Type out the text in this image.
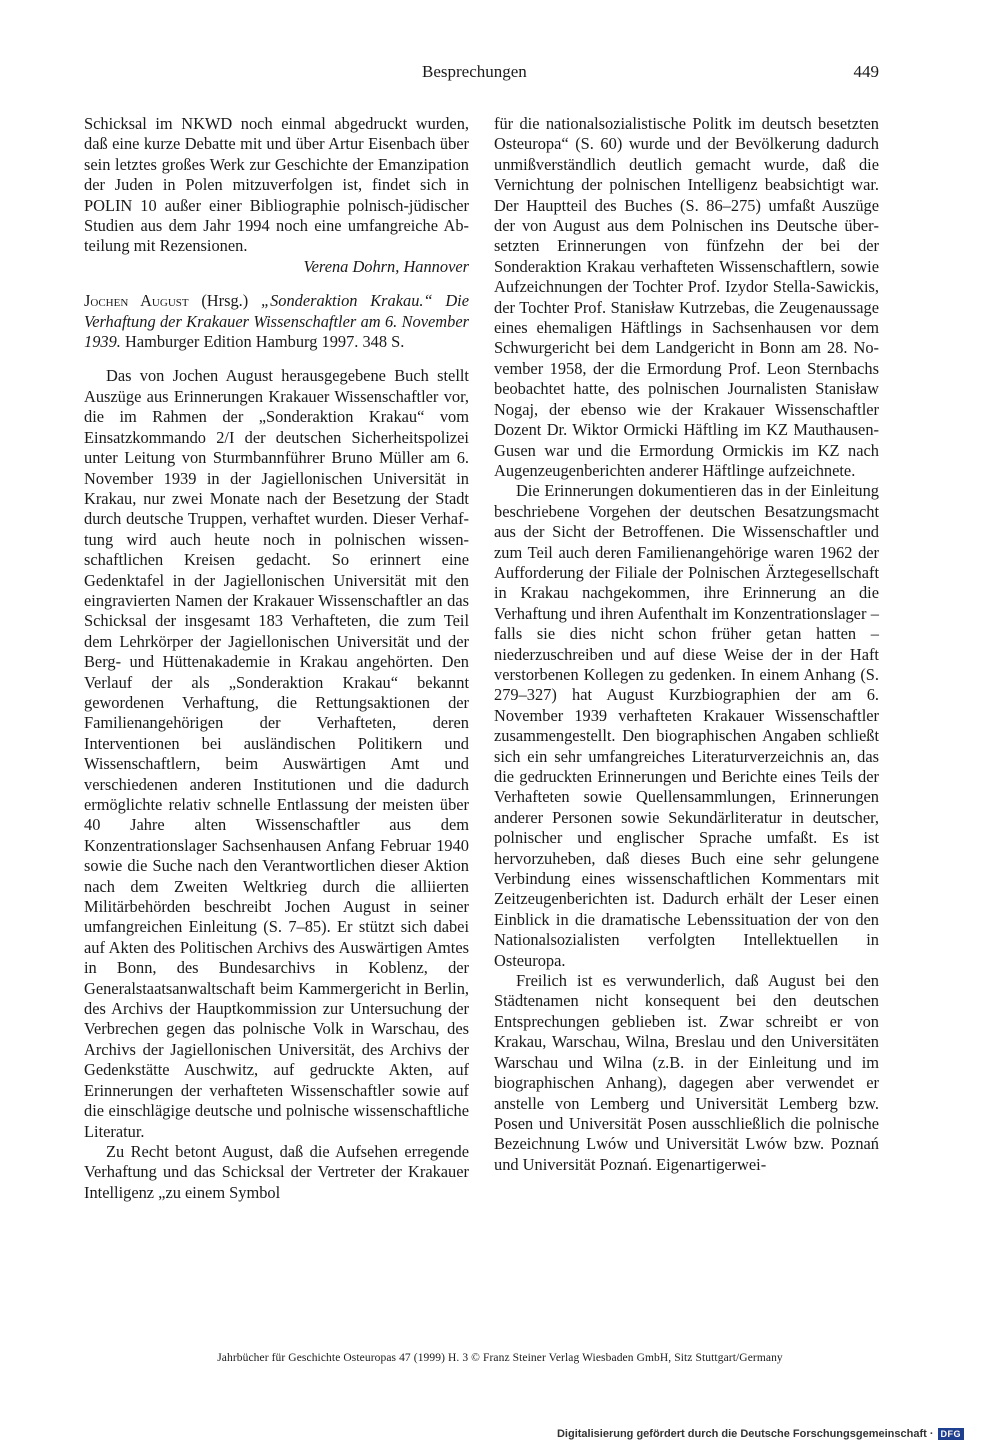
Besprechungen	449

Schicksal im NKWD noch einmal abgedruckt wurden, daß eine kurze Debatte mit und über Artur Eisenbach über sein letztes großes Werk zur Geschichte der Emanzipation der Juden in Polen mitzuverfolgen ist, findet sich in POLIN 10 außer einer Bibliographie polnisch-jüdischer Studien aus dem Jahr 1994 noch eine umfangreiche Abteilung mit Rezensionen.

Verena Dohrn, Hannover

Jochen August (Hrsg.) „Sonderaktion Krakau.“ Die Verhaftung der Krakauer Wissenschaftler am 6. November 1939. Hamburger Edition Hamburg 1997. 348 S.

Das von Jochen August herausgegebene Buch stellt Auszüge aus Erinnerungen Krakauer Wissenschaftler vor, die im Rahmen der „Sonderaktion Krakau“ vom Einsatzkommando 2/I der deutschen Sicherheitspolizei unter Leitung von Sturmbannführer Bruno Müller am 6. November 1939 in der Jagiellonischen Universität in Krakau, nur zwei Monate nach der Besetzung der Stadt durch deutsche Truppen, verhaftet wurden. Dieser Verhaftung wird auch heute noch in polnischen wissenschaftlichen Kreisen gedacht. So erinnert eine Gedenktafel in der Jagiellonischen Universität mit den eingravierten Namen der Krakauer Wissenschaftler an das Schicksal der insgesamt 183 Verhafteten, die zum Teil dem Lehrkörper der Jagiellonischen Universität und der Berg- und Hüttenakademie in Krakau angehörten. Den Verlauf der als „Sonderaktion Krakau“ bekannt gewordenen Verhaftung, die Rettungsaktionen der Familienangehörigen der Verhafteten, deren Interventionen bei ausländischen Politikern und Wissenschaftlern, beim Auswärtigen Amt und verschiedenen anderen Institutionen und die dadurch ermöglichte relativ schnelle Entlassung der meisten über 40 Jahre alten Wissenschaftler aus dem Konzentrationslager Sachsenhausen Anfang Februar 1940 sowie die Suche nach den Verantwortlichen dieser Aktion nach dem Zweiten Weltkrieg durch die alliierten Militärbehörden beschreibt Jochen August in seiner umfangreichen Einleitung (S. 7–85). Er stützt sich dabei auf Akten des Politischen Archivs des Auswärtigen Amtes in Bonn, des Bundesarchivs in Koblenz, der Generalstaatsanwaltschaft beim Kammergericht in Berlin, des Archivs der Hauptkommission zur Untersuchung der Verbrechen gegen das polnische Volk in Warschau, des Archivs der Jagiellonischen Universität, des Archivs der Gedenkstätte Auschwitz, auf gedruckte Akten, auf Erinnerungen der verhafteten Wissenschaftler sowie auf die einschlägige deutsche und polnische wissenschaftliche Literatur.

Zu Recht betont August, daß die Aufsehen erregende Verhaftung und das Schicksal der Vertreter der Krakauer Intelligenz „zu einem Symbol

für die nationalsozialistische Politk im deutsch besetzten Osteuropa“ (S. 60) wurde und der Bevölkerung dadurch unmißverständlich deutlich gemacht wurde, daß die Vernichtung der polnischen Intelligenz beabsichtigt war. Der Hauptteil des Buches (S. 86–275) umfaßt Auszüge der von August aus dem Polnischen ins Deutsche übersetzten Erinnerungen von fünfzehn der bei der Sonderaktion Krakau verhafteten Wissenschaftlern, sowie Aufzeichnungen der Tochter Prof. Izydor Stella-Sawickis, der Tochter Prof. Stanisław Kutrzebas, die Zeugenaussage eines ehemaligen Häftlings in Sachsenhausen vor dem Schwurgericht bei dem Landgericht in Bonn am 28. November 1958, der die Ermordung Prof. Leon Sternbachs beobachtet hatte, des polnischen Journalisten Stanisław Nogaj, der ebenso wie der Krakauer Wissenschaftler Dozent Dr. Wiktor Ormicki Häftling im KZ Mauthausen-Gusen war und die Ermordung Ormickis im KZ nach Augenzeugenberichten anderer Häftlinge aufzeichnete.

Die Erinnerungen dokumentieren das in der Einleitung beschriebene Vorgehen der deutschen Besatzungsmacht aus der Sicht der Betroffenen. Die Wissenschaftler und zum Teil auch deren Familienangehörige waren 1962 der Aufforderung der Filiale der Polnischen Ärztegesellschaft in Krakau nachgekommen, ihre Erinnerung an die Verhaftung und ihren Aufenthalt im Konzentrationslager – falls sie dies nicht schon früher getan hatten – niederzuschreiben und auf diese Weise der in der Haft verstorbenen Kollegen zu gedenken. In einem Anhang (S. 279–327) hat August Kurzbiographien der am 6. November 1939 verhafteten Krakauer Wissenschaftler zusammengestellt. Den biographischen Angaben schließt sich ein sehr umfangreiches Literaturverzeichnis an, das die gedruckten Erinnerungen und Berichte eines Teils der Verhafteten sowie Quellensammlungen, Erinnerungen anderer Personen sowie Sekundärliteratur in deutscher, polnischer und englischer Sprache umfaßt. Es ist hervorzuheben, daß dieses Buch eine sehr gelungene Verbindung eines wissenschaftlichen Kommentars mit Zeitzeugenberichten ist. Dadurch erhält der Leser einen Einblick in die dramatische Lebenssituation der von den Nationalsozialisten verfolgten Intellektuellen in Osteuropa.

Freilich ist es verwunderlich, daß August bei den Städtenamen nicht konsequent bei den deutschen Entsprechungen geblieben ist. Zwar schreibt er von Krakau, Warschau, Wilna, Breslau und den Universitäten Warschau und Wilna (z.B. in der Einleitung und im biographischen Anhang), dagegen aber verwendet er anstelle von Lemberg und Universität Lemberg bzw. Posen und Universität Posen ausschließlich die polnische Bezeichnung Lwów und Universität Lwów bzw. Poznań und Universität Poznań. Eigenartigerwei-

Jahrbücher für Geschichte Osteuropas 47 (1999) H. 3 © Franz Steiner Verlag Wiesbaden GmbH, Sitz Stuttgart/Germany
Digitalisierung gefördert durch die Deutsche Forschungsgemeinschaft · DFG
